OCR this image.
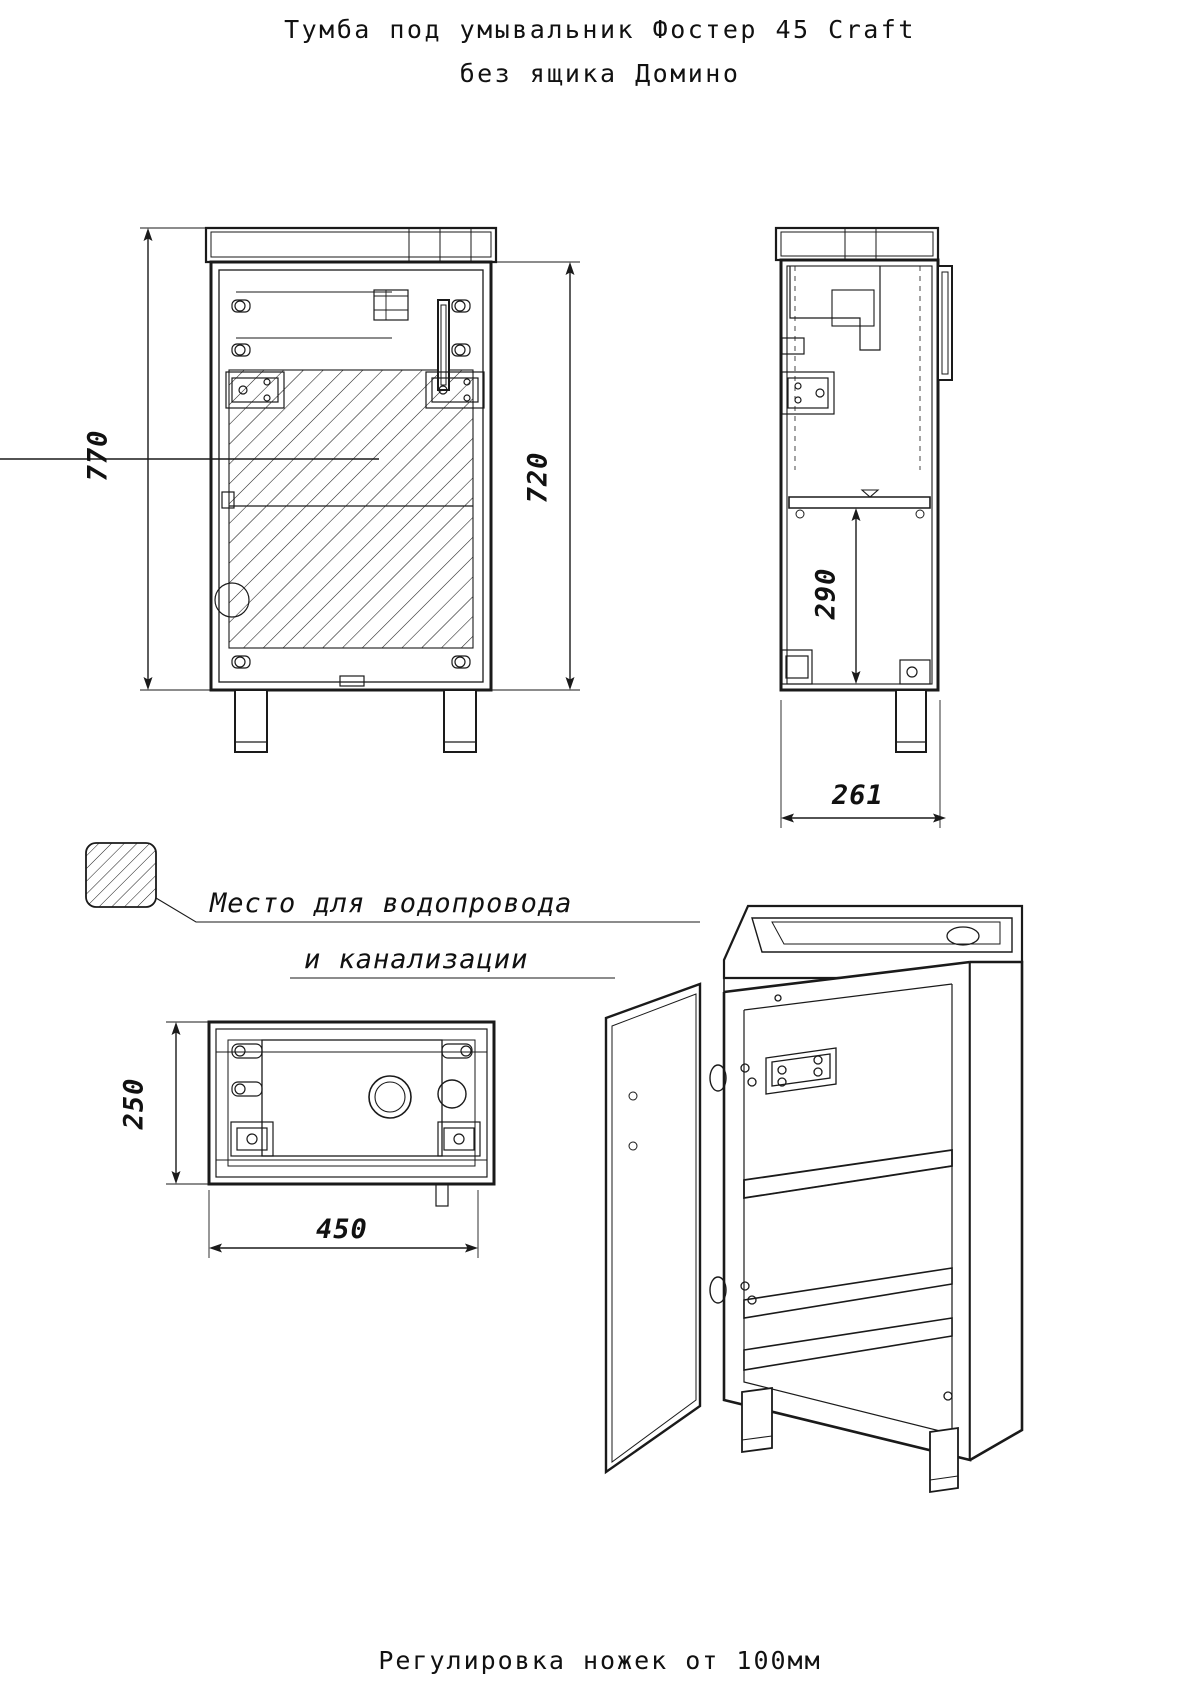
Тумба под умывальник Фостер 45 Craft
без ящика Домино
770	720
290
261
250
450
Место для водопровода
и канализации
Регулировка ножек от 100мм
